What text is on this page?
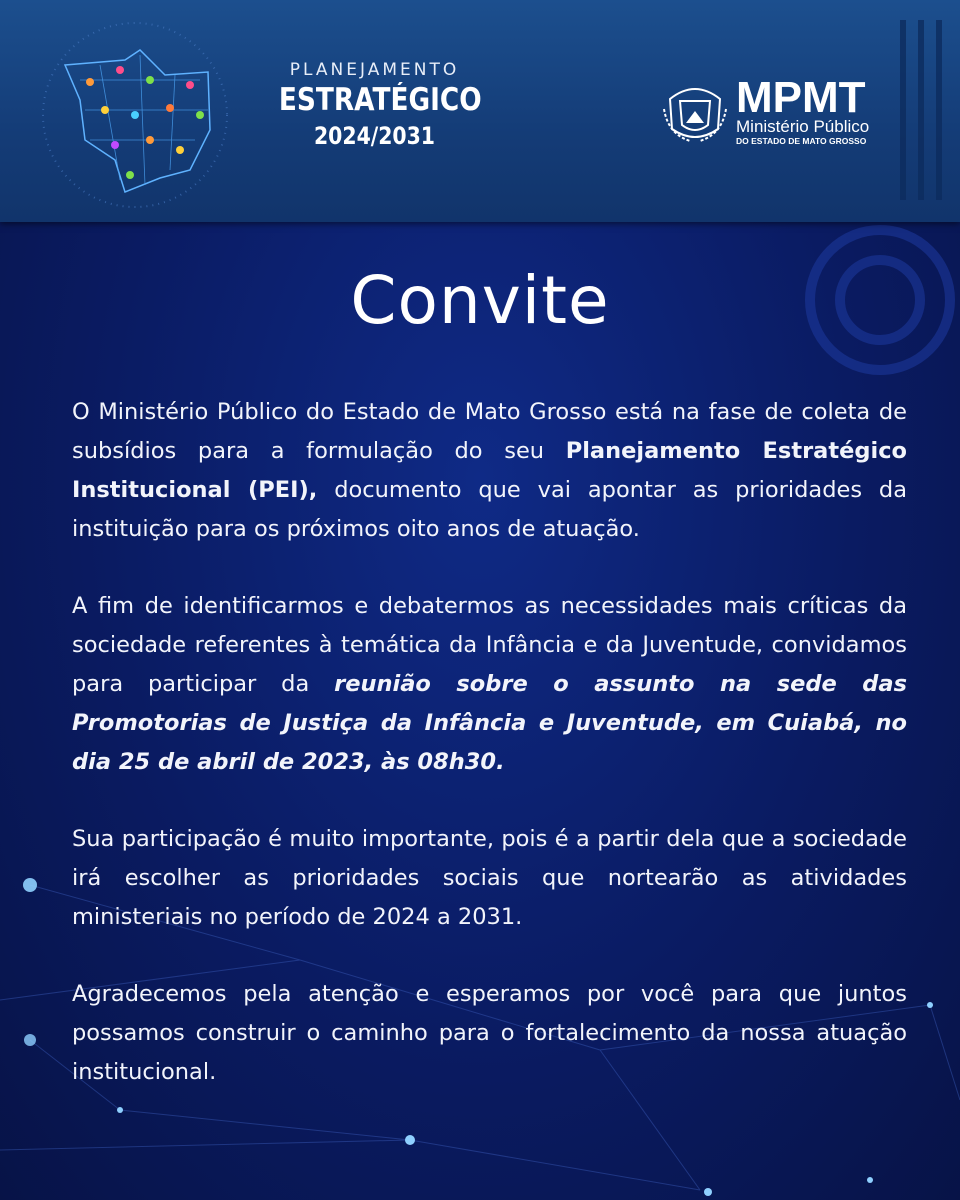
PLANEJAMENTO
ESTRATÉGICO
2024/2031
MPMT
Ministério Público
DO ESTADO DE MATO GROSSO
Convite

O Ministério Público do Estado de Mato Grosso está na fase de coleta de subsídios para a formulação do seu Planejamento Estratégico Institucional (PEI), documento que vai apontar as prioridades da instituição para os próximos oito anos de atuação.

A fim de identificarmos e debatermos as necessidades mais críticas da sociedade referentes à temática da Infância e da Juventude, convidamos para participar da reunião sobre o assunto na sede das Promotorias de Justiça da Infância e Juventude, em Cuiabá, no dia 25 de abril de 2023, às 08h30.

Sua participação é muito importante, pois é a partir dela que a sociedade irá escolher as prioridades sociais que nortearão as atividades ministeriais no período de 2024 a 2031.

Agradecemos pela atenção e esperamos por você para que juntos possamos construir o caminho para o fortalecimento da nossa atuação institucional.
